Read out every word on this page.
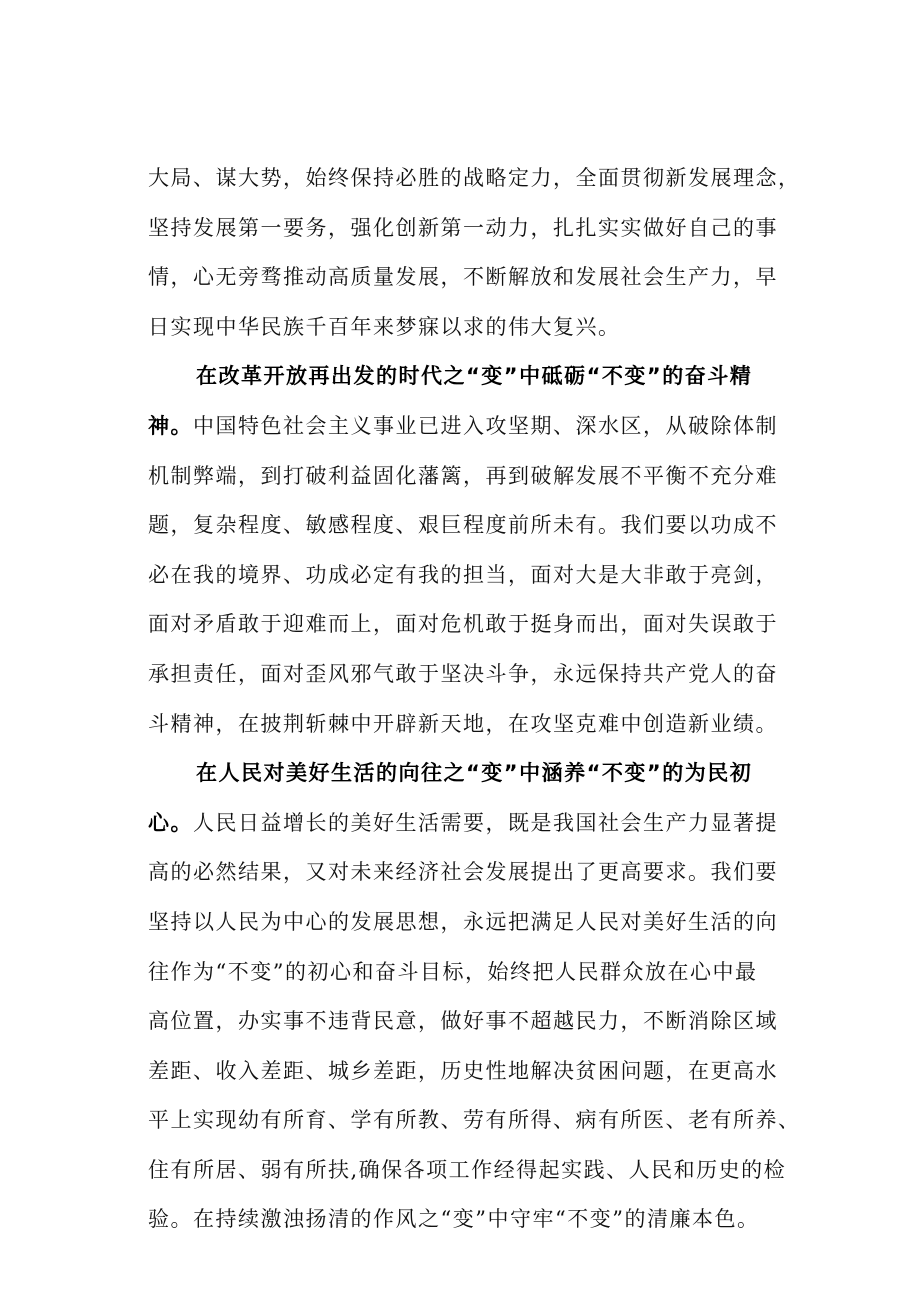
大局、谋大势，始终保持必胜的战略定力，全面贯彻新发展理念，
坚持发展第一要务，强化创新第一动力，扎扎实实做好自己的事
情，心无旁骛推动高质量发展，不断解放和发展社会生产力，早
日实现中华民族千百年来梦寐以求的伟大复兴。
在改革开放再出发的时代之“变”中砥砺“不变”的奋斗精
神。中国特色社会主义事业已进入攻坚期、深水区，从破除体制
机制弊端，到打破利益固化藩篱，再到破解发展不平衡不充分难
题，复杂程度、敏感程度、艰巨程度前所未有。我们要以功成不
必在我的境界、功成必定有我的担当，面对大是大非敢于亮剑，
面对矛盾敢于迎难而上，面对危机敢于挺身而出，面对失误敢于
承担责任，面对歪风邪气敢于坚决斗争，永远保持共产党人的奋
斗精神，在披荆斩棘中开辟新天地，在攻坚克难中创造新业绩。
在人民对美好生活的向往之“变”中涵养“不变”的为民初
心。人民日益增长的美好生活需要，既是我国社会生产力显著提
高的必然结果，又对未来经济社会发展提出了更高要求。我们要
坚持以人民为中心的发展思想，永远把满足人民对美好生活的向
往作为“不变”的初心和奋斗目标，始终把人民群众放在心中最
高位置，办实事不违背民意，做好事不超越民力，不断消除区域
差距、收入差距、城乡差距，历史性地解决贫困问题，在更高水
平上实现幼有所育、学有所教、劳有所得、病有所医、老有所养、
住有所居、弱有所扶,确保各项工作经得起实践、人民和历史的检
验。在持续激浊扬清的作风之“变”中守牢“不变”的清廉本色。
